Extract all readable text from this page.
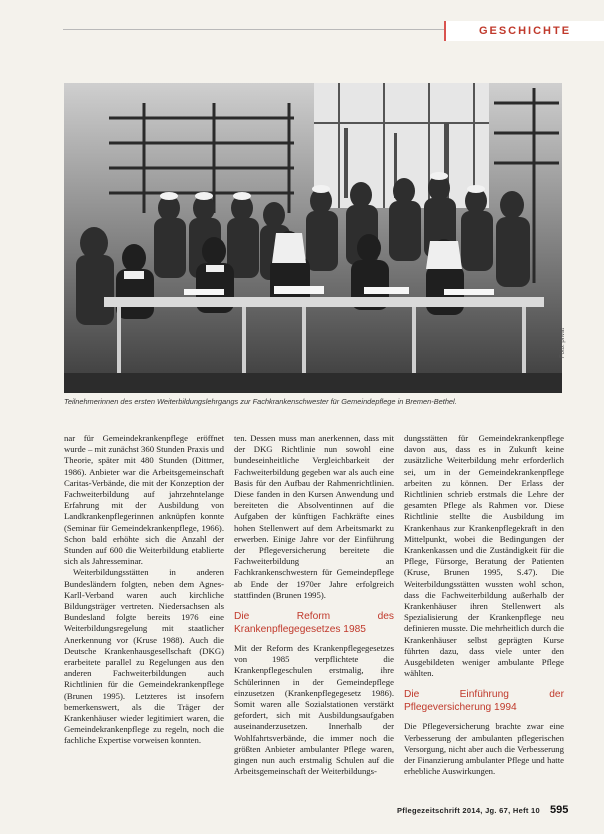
GESCHICHTE
Foto: privat
Teilnehmerinnen des ersten Weiterbildungslehrgangs zur Fachkrankenschwester für Gemeindepflege in Bremen-Bethel.

nar für Gemeindekrankenpflege eröffnet wurde – mit zunächst 360 Stunden Praxis und Theorie, später mit 480 Stunden (Dittmer, 1986). Anbieter war die Arbeitsgemeinschaft Caritas-Verbände, die mit der Konzeption der Fachweiterbildung auf jahrzehntelange Erfahrung mit der Ausbildung von Landkrankenpflegerinnen anknüpfen konnte (Seminar für Gemeindekrankenpflege, 1966). Schon bald erhöhte sich die Anzahl der Stunden auf 600 die Weiterbildung etablierte sich als Jahresseminar.

Weiterbildungsstätten in anderen Bundesländern folgten, neben dem Agnes-Karll-Verband waren auch kirchliche Bildungsträger vertreten. Niedersachsen als Bundesland folgte bereits 1976 eine Weiterbildungsregelung mit staatlicher Anerkennung vor (Kruse 1988). Auch die Deutsche Krankenhausgesellschaft (DKG) erarbeitete parallel zu Regelungen aus den anderen Fachweiterbildungen auch Richtlinien für die Gemeindekrankenpflege (Brunen 1995). Letzteres ist insofern bemerkenswert, als die Träger der Krankenhäuser wieder legitimiert waren, die Gemeindekrankenpflege zu regeln, noch die fachliche Expertise vorweisen konnten.

ten. Dessen muss man anerkennen, dass mit der DKG Richtlinie nun sowohl eine bundeseinheitliche Vergleichbarkeit der Fachweiterbildung gegeben war als auch eine Basis für den Aufbau der Rahmenrichtlinien. Diese fanden in den Kursen Anwendung und bereiteten die Absolventinnen auf die Aufgaben der künftigen Fachkräfte eines hohen Stellenwert auf dem Arbeitsmarkt zu erwerben. Einige Jahre vor der Einführung der Pflegeversicherung bereitete die Fachweiterbildung an Fachkrankenschwestern für Gemeindepflege ab Ende der 1970er Jahre erfolgreich stattfinden (Brunen 1995).

Die Reform des Krankenpflegegesetzes 1985

Mit der Reform des Krankenpflegegesetzes von 1985 verpflichtete die Krankenpflegeschulen erstmalig, ihre Schülerinnen in der Gemeindepflege einzusetzen (Krankenpflegegesetz 1986). Somit waren alle Sozialstationen verstärkt gefordert, sich mit Ausbildungsaufgaben auseinanderzusetzen. Innerhalb der Wohlfahrtsverbände, die immer noch die größten Anbieter ambulanter Pflege waren, gingen nun auch erstmalig Schulen auf die Arbeitsgemeinschaft der Weiterbildungs-

dungsstätten für Gemeindekrankenpflege davon aus, dass es in Zukunft keine zusätzliche Weiterbildung mehr erforderlich sei, um in der Gemeindekrankenpflege arbeiten zu können. Der Erlass der Richtlinien schrieb erstmals die Lehre der gesamten Pflege als Rahmen vor. Diese Richtlinie stellte die Ausbildung im Krankenhaus zur Krankenpflegekraft in den Mittelpunkt, wobei die Bedingungen der Krankenkassen und die Zuständigkeit für die Pflege, Fürsorge, Beratung der Patienten (Kruse, Brunen 1995, S.47). Die Weiterbildungsstätten wussten wohl schon, dass die Fachweiterbildung außerhalb der Krankenhäuser ihren Stellenwert als Spezialisierung der Krankenpflege neu definieren musste. Die mehrheitlich durch die Krankenhäuser selbst geprägten Kurse führten dazu, dass viele unter den Ausgebildeten weniger ambulante Pflege wählten.

Die Einführung der Pflegeversicherung 1994

Die Pflegeversicherung brachte zwar eine Verbesserung der ambulanten pflegerischen Versorgung, nicht aber auch die Verbesserung der Finanzierung ambulanter Pflege und hatte erhebliche Auswirkungen.

Pflegezeitschrift 2014, Jg. 67, Heft 10 595
